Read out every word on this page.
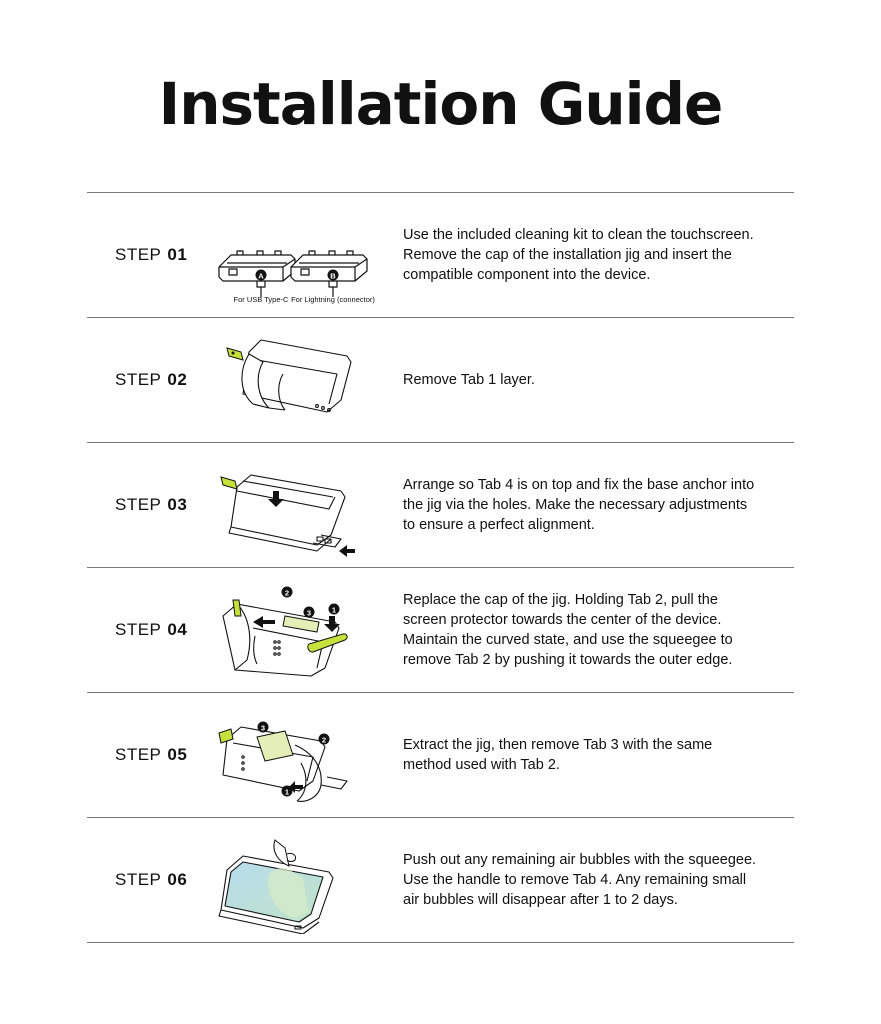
Installation Guide
STEP 01
A	B
For USB Type-C For Lightning (connector)
Use the included cleaning kit to clean the touchscreen.
Remove the cap of the installation jig and insert the
compatible component into the device.
STEP 02	Remove Tab 1 layer.
STEP 03
Arrange so Tab 4 is on top and fix the base anchor into
the jig via the holes. Make the necessary adjustments
to ensure a perfect alignment.
STEP 04
2
3	1
Replace the cap of the jig. Holding Tab 2, pull the
screen protector towards the center of the device.
Maintain the curved state, and use the squeegee to
remove Tab 2 by pushing it towards the outer edge.
STEP 05
3
2
1
Extract the jig, then remove Tab 3 with the same
method used with Tab 2.
STEP 06
Push out any remaining air bubbles with the squeegee.
Use the handle to remove Tab 4. Any remaining small
air bubbles will disappear after 1 to 2 days.
